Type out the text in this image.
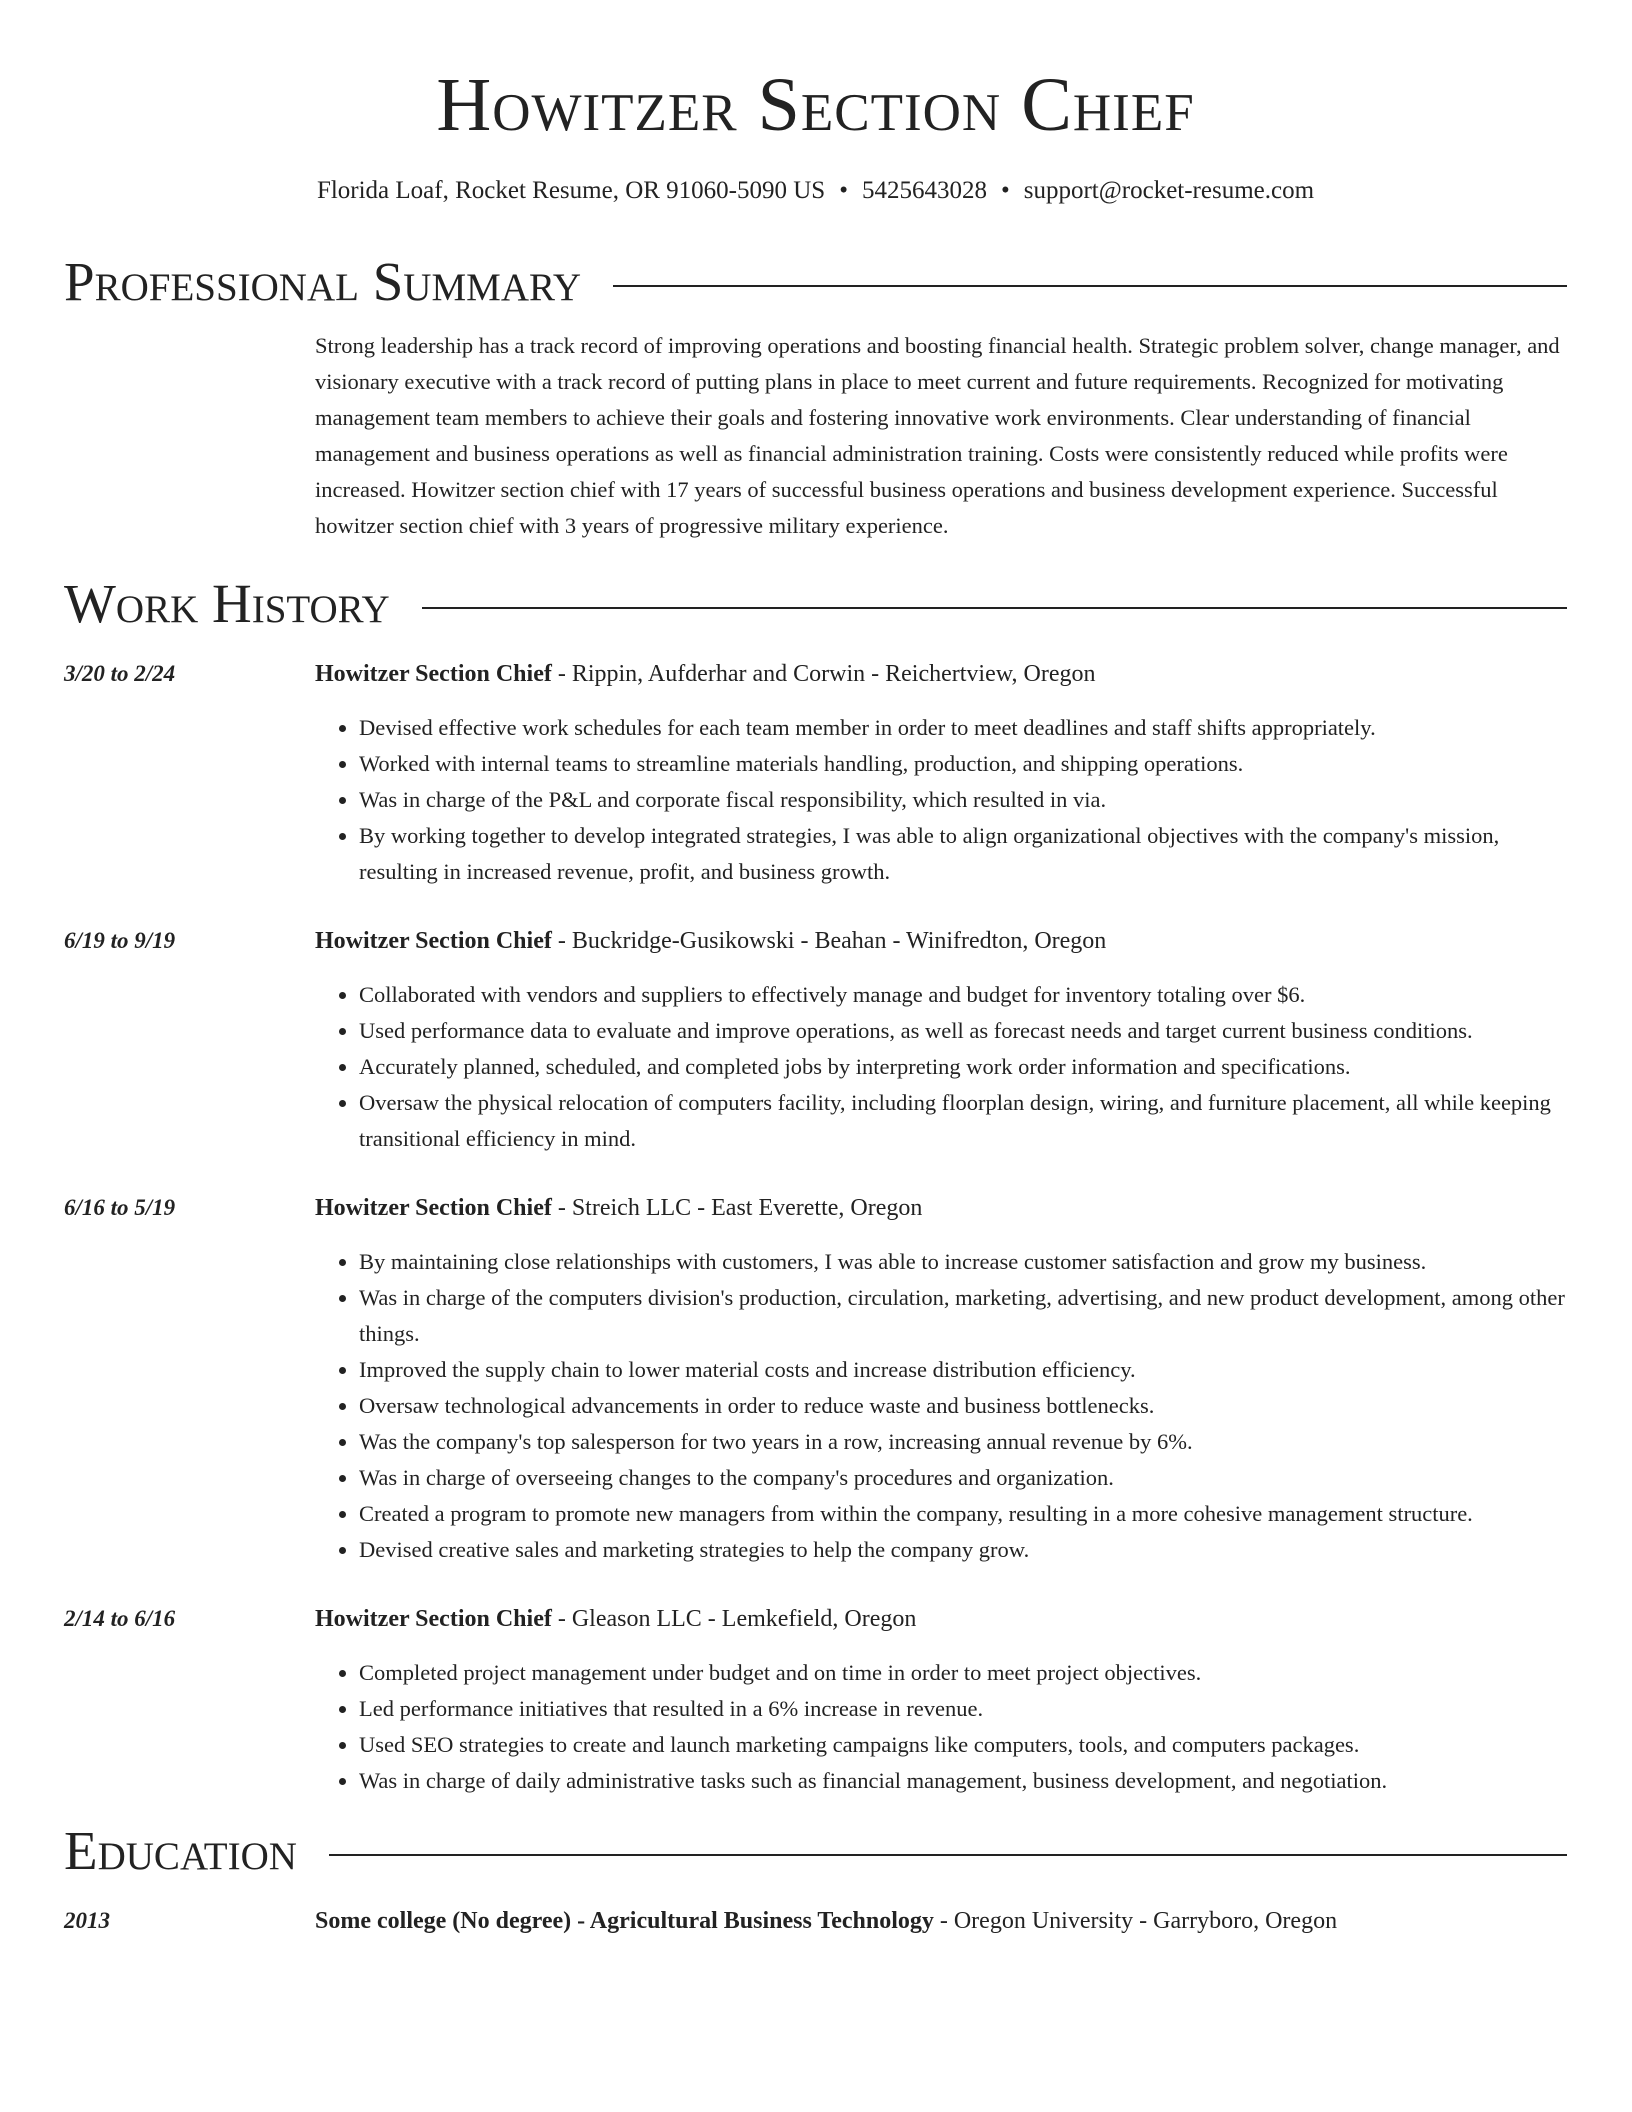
Howitzer Section Chief
Florida Loaf, Rocket Resume, OR 91060-5090 US • 5425643028 • support@rocket-resume.com
Professional Summary
Strong leadership has a track record of improving operations and boosting financial health. Strategic problem solver, change manager, and visionary executive with a track record of putting plans in place to meet current and future requirements. Recognized for motivating management team members to achieve their goals and fostering innovative work environments. Clear understanding of financial management and business operations as well as financial administration training. Costs were consistently reduced while profits were increased. Howitzer section chief with 17 years of successful business operations and business development experience. Successful howitzer section chief with 3 years of progressive military experience.
Work History
3/20 to 2/24	Howitzer Section Chief - Rippin, Aufderhar and Corwin - Reichertview, Oregon
• Devised effective work schedules for each team member in order to meet deadlines and staff shifts appropriately.
• Worked with internal teams to streamline materials handling, production, and shipping operations.
• Was in charge of the P&L and corporate fiscal responsibility, which resulted in via.
• By working together to develop integrated strategies, I was able to align organizational objectives with the company's mission, resulting in increased revenue, profit, and business growth.
6/19 to 9/19	Howitzer Section Chief - Buckridge-Gusikowski - Beahan - Winifredton, Oregon
• Collaborated with vendors and suppliers to effectively manage and budget for inventory totaling over $6.
• Used performance data to evaluate and improve operations, as well as forecast needs and target current business conditions.
• Accurately planned, scheduled, and completed jobs by interpreting work order information and specifications.
• Oversaw the physical relocation of computers facility, including floorplan design, wiring, and furniture placement, all while keeping transitional efficiency in mind.
6/16 to 5/19	Howitzer Section Chief - Streich LLC - East Everette, Oregon
• By maintaining close relationships with customers, I was able to increase customer satisfaction and grow my business.
• Was in charge of the computers division's production, circulation, marketing, advertising, and new product development, among other things.
• Improved the supply chain to lower material costs and increase distribution efficiency.
• Oversaw technological advancements in order to reduce waste and business bottlenecks.
• Was the company's top salesperson for two years in a row, increasing annual revenue by 6%.
• Was in charge of overseeing changes to the company's procedures and organization.
• Created a program to promote new managers from within the company, resulting in a more cohesive management structure.
• Devised creative sales and marketing strategies to help the company grow.
2/14 to 6/16	Howitzer Section Chief - Gleason LLC - Lemkefield, Oregon
• Completed project management under budget and on time in order to meet project objectives.
• Led performance initiatives that resulted in a 6% increase in revenue.
• Used SEO strategies to create and launch marketing campaigns like computers, tools, and computers packages.
• Was in charge of daily administrative tasks such as financial management, business development, and negotiation.
Education
2013	Some college (No degree) - Agricultural Business Technology - Oregon University - Garryboro, Oregon
